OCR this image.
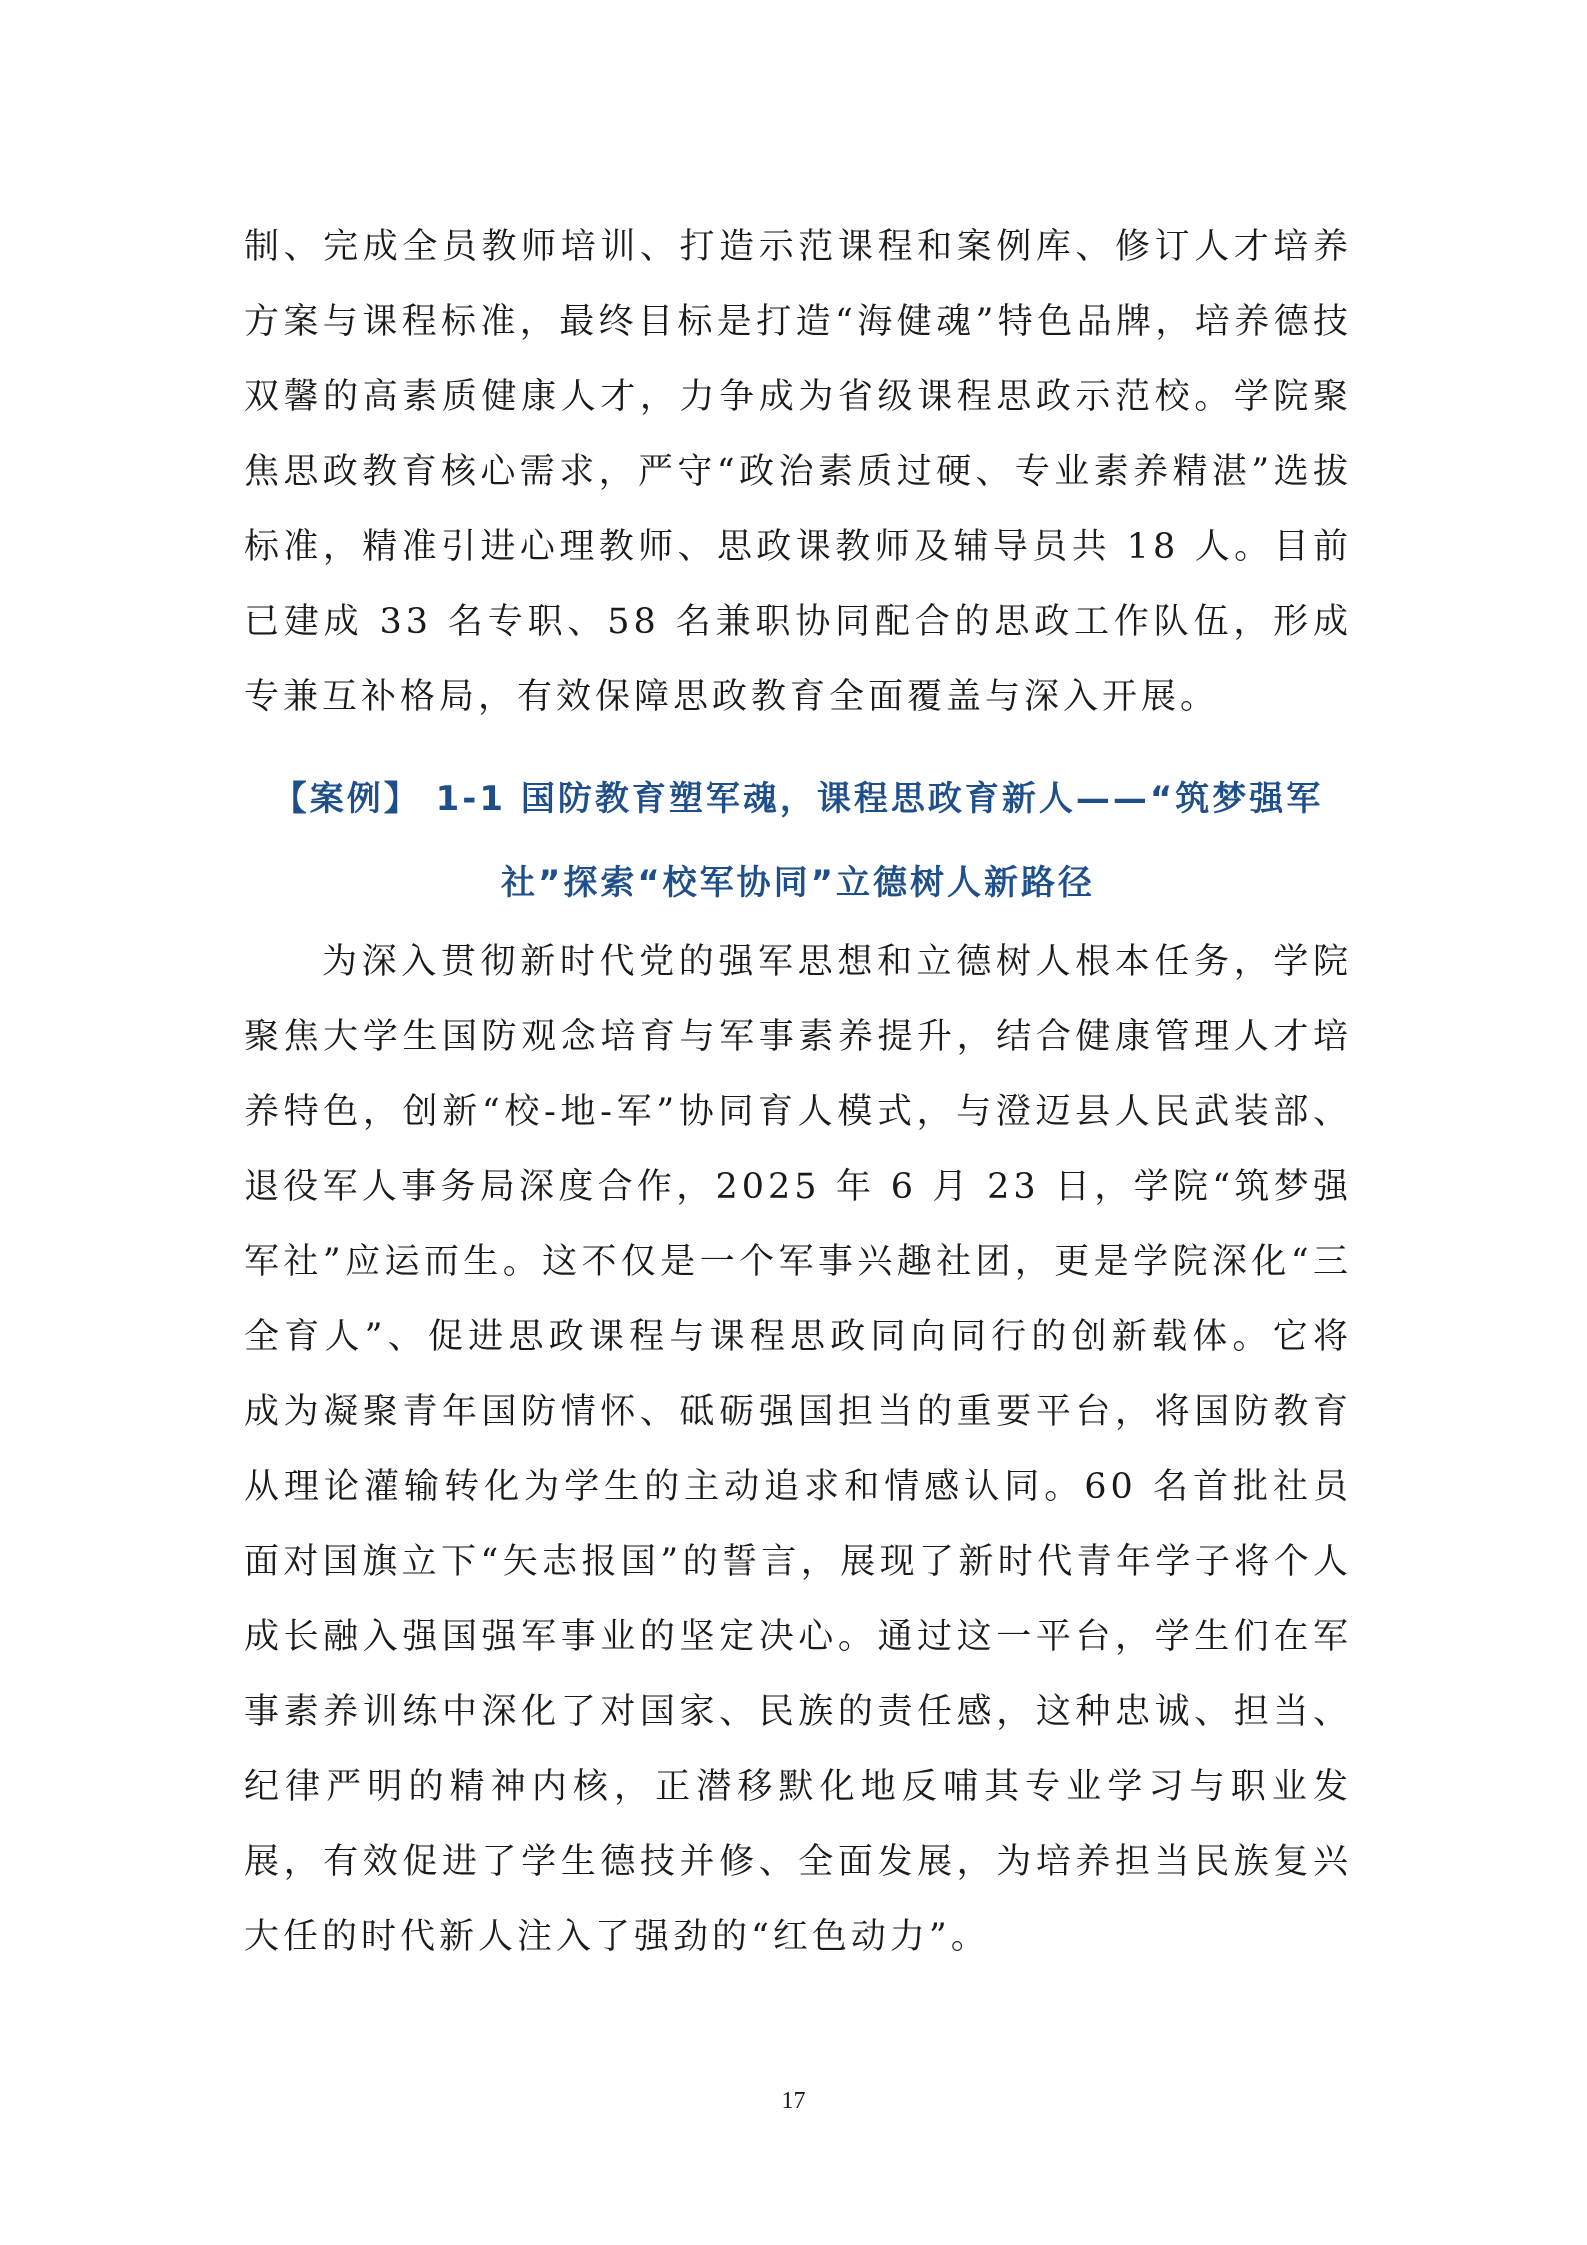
制、完成全员教师培训、打造示范课程和案例库、修订人才培养方案与课程标准，最终目标是打造“海健魂”特色品牌，培养德技双馨的高素质健康人才，力争成为省级课程思政示范校。学院聚焦思政教育核心需求，严守“政治素质过硬、专业素养精湛”选拔标准，精准引进心理教师、思政课教师及辅导员共 18 人。目前已建成 33 名专职、58 名兼职协同配合的思政工作队伍，形成专兼互补格局，有效保障思政教育全面覆盖与深入开展。

【案例】 1-1 国防教育塑军魂，课程思政育新人——“筑梦强军
社”探索“校军协同”立德树人新路径

为深入贯彻新时代党的强军思想和立德树人根本任务，学院聚焦大学生国防观念培育与军事素养提升，结合健康管理人才培养特色，创新“校-地-军”协同育人模式，与澄迈县人民武装部、退役军人事务局深度合作，2025 年 6 月 23 日，学院“筑梦强军社”应运而生。这不仅是一个军事兴趣社团，更是学院深化“三全育人”、促进思政课程与课程思政同向同行的创新载体。它将成为凝聚青年国防情怀、砥砺强国担当的重要平台，将国防教育从理论灌输转化为学生的主动追求和情感认同。60 名首批社员面对国旗立下“矢志报国”的誓言，展现了新时代青年学子将个人成长融入强国强军事业的坚定决心。通过这一平台，学生们在军事素养训练中深化了对国家、民族的责任感，这种忠诚、担当、纪律严明的精神内核，正潜移默化地反哺其专业学习与职业发展，有效促进了学生德技并修、全面发展，为培养担当民族复兴大任的时代新人注入了强劲的“红色动力”。

17
